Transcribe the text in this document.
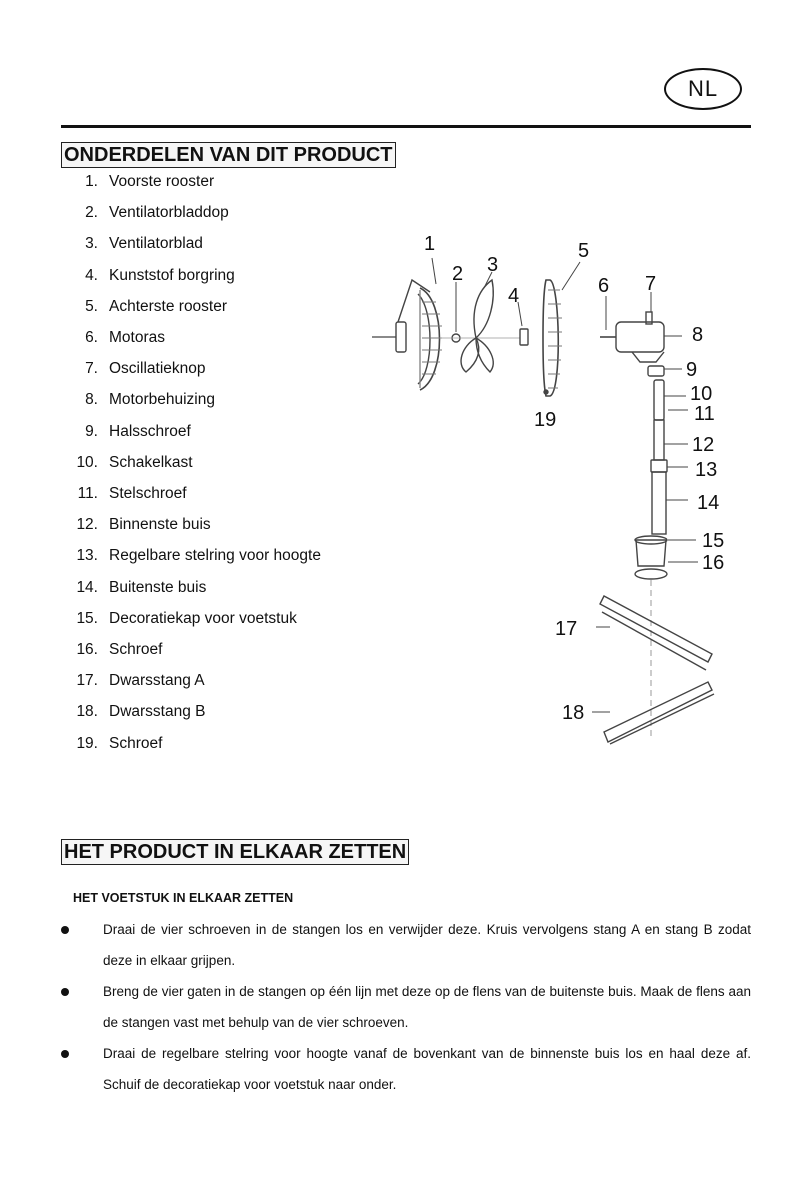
NL
ONDERDELEN VAN DIT PRODUCT
1. Voorste rooster
2. Ventilatorbladdop
3. Ventilatorblad
4. Kunststof borgring
5. Achterste rooster
6. Motoras
7. Oscillatieknop
8. Motorbehuizing
9. Halsschroef
10. Schakelkast
11. Stelschroef
12. Binnenste buis
13. Regelbare stelring voor hoogte
14. Buitenste buis
15. Decoratiekap voor voetstuk
16. Schroef
17. Dwarsstang A
18. Dwarsstang B
19. Schroef
1
2 3
4
5
6 7
8
9
10
11
12
13
14
15
16
17
18
19
HET PRODUCT IN ELKAAR ZETTEN
HET VOETSTUK IN ELKAAR ZETTEN
Draai de vier schroeven in de stangen los en verwijder deze. Kruis vervolgens stang A en stang B zodat deze in elkaar grijpen.
Breng de vier gaten in de stangen op één lijn met deze op de flens van de buitenste buis. Maak de flens aan de stangen vast met behulp van de vier schroeven.
Draai de regelbare stelring voor hoogte vanaf de bovenkant van de binnenste buis los en haal deze af. Schuif de decoratiekap voor voetstuk naar onder.
